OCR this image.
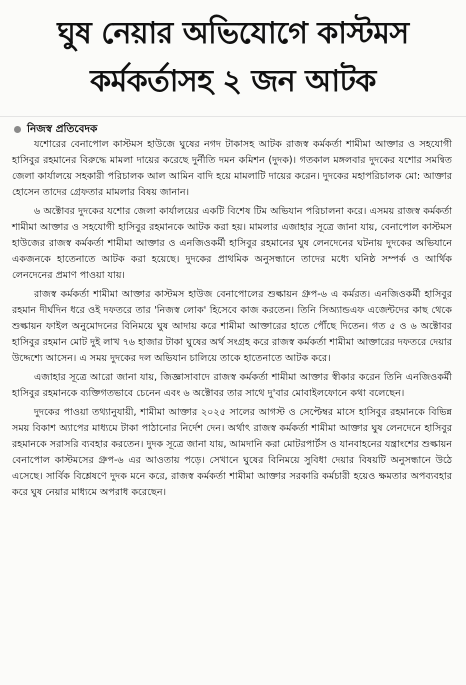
ঘুষ নেয়ার অভিযোগে কাস্টমস
কর্মকর্তাসহ ২ জন আটক
নিজস্ব প্রতিবেদক

যশোরের বেনাপোল কাস্টমস হাউজে ঘুষের নগদ টাকাসহ আটক রাজস্ব কর্মকর্তা শামীমা আক্তার ও সহযোগী হাসিবুর রহমানের বিরুদ্ধে মামলা দায়ের করেছে দুর্নীতি দমন কমিশন (দুদক)। গতকাল মঙ্গলবার দুদকের যশোর সমন্বিত জেলা কার্যালয়ে সহকারী পরিচালক আল আমিন বাদি হয়ে মামলাটি দায়ের করেন। দুদকের মহাপরিচালক মো: আক্তার হোসেন তাদের গ্রেফতার মামলার বিষয় জানান।

৬ অক্টোবর দুদকের যশোর জেলা কার্যালয়ের একটি বিশেষ টিম অভিযান পরিচালনা করে। এসময় রাজস্ব কর্মকর্তা শামীমা আক্তার ও সহযোগী হাসিবুর রহমানকে আটক করা হয়। মামলার এজাহার সূত্রে জানা যায়, বেনাপোল কাস্টমস হাউজের রাজস্ব কর্মকর্তা শামীমা আক্তার ও এনজিওকর্মী হাসিবুর রহমানের ঘুষ লেনদেনের ঘটনায় দুদকের অভিযানে একজনকে হাতেনাতে আটক করা হয়েছে। দুদকের প্রাথমিক অনুসন্ধানে তাদের মধ্যে ঘনিষ্ঠ সম্পর্ক ও আর্থিক লেনদেনের প্রমাণ পাওয়া যায়।

রাজস্ব কর্মকর্তা শামীমা আক্তার কাস্টমস হাউজ বেনাপোলের শুল্কায়ন গ্রুপ-৬ এ কর্মরত। এনজিওকর্মী হাসিবুর রহমান দীর্ঘদিন ধরে ওই দফতরে তার 'নিজস্ব লোক' হিসেবে কাজ করতেন। তিনি সিঅ্যান্ডএফ এজেন্টদের কাছ থেকে শুল্কায়ন ফাইল অনুমোদনের বিনিময়ে ঘুষ আদায় করে শামীমা আক্তারের হাতে পৌঁছে দিতেন। গত ৫ ও ৬ অক্টোবর হাসিবুর রহমান মোট দুই লাখ ৭৬ হাজার টাকা ঘুষের অর্থ সংগ্রহ করে রাজস্ব কর্মকর্তা শামীমা আক্তারের দফতরে দেয়ার উদ্দেশ্যে আসেন। এ সময় দুদকের দল অভিযান চালিয়ে তাকে হাতেনাতে আটক করে।

এজাহার সূত্রে আরো জানা যায়, জিজ্ঞাসাবাদে রাজস্ব কর্মকর্তা শামীমা আক্তার স্বীকার করেন তিনি এনজিওকর্মী হাসিবুর রহমানকে ব্যক্তিগতভাবে চেনেন এবং ৬ অক্টোবর তার সাথে দু'বার মোবাইলফোনে কথা বলেছেন।

দুদকের পাওয়া তথ্যানুযায়ী, শামীমা আক্তার ২০২৫ সালের আগস্ট ও সেপ্টেম্বর মাসে হাসিবুর রহমানকে বিভিন্ন সময় বিকাশ অ্যাপের মাধ্যমে টাকা পাঠানোর নির্দেশ দেন। অর্থাৎ রাজস্ব কর্মকর্তা শামীমা আক্তার ঘুষ লেনদেনে হাসিবুর রহমানকে সরাসরি ব্যবহার করতেন। দুদক সূত্রে জানা যায়, আমদানি করা মোটরপার্টস ও যানবাহনের যন্ত্রাংশের শুল্কায়ন বেনাপোল কাস্টমসের গ্রুপ-৬ এর আওতায় পড়ে। সেখানে ঘুষের বিনিময়ে সুবিধা দেয়ার বিষয়টি অনুসন্ধানে উঠে এসেছে। সার্বিক বিশ্লেষণে দুদক মনে করে, রাজস্ব কর্মকর্তা শামীমা আক্তার সরকারি কর্মচারী হয়েও ক্ষমতার অপব্যবহার করে ঘুষ নেয়ার মাধ্যমে অপরাধ করেছেন।
